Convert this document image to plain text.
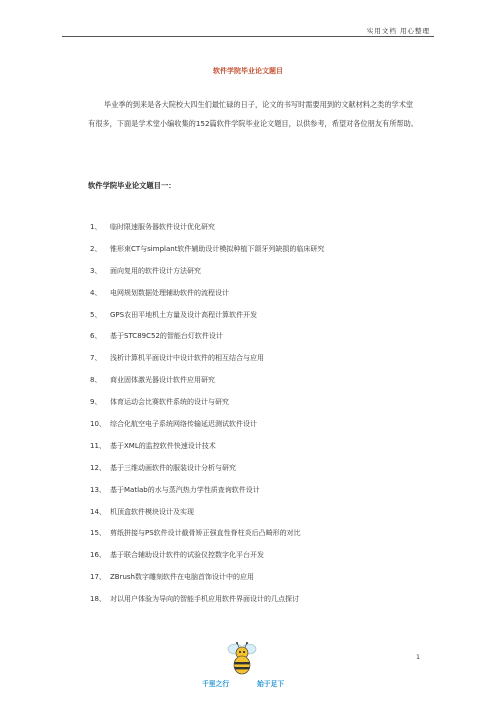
实用文档 用心整理
软件学院毕业论文题目

毕业季的到来是各大院校大四生们最忙碌的日子，论文的书写时需要用到的文献材料之类的学术堂有很多，下面是学术堂小编收集的152篇软件学院毕业论文题目，以供参考，希望对各位朋友有所帮助。

软件学院毕业论文题目一：
1、 临时限速服务器软件设计优化研究
2、 锥形束CT与simplant软件辅助设计模拟种植下颌牙列缺损的临床研究
3、 面向复用的软件设计方法研究
4、 电网规划数据处理辅助软件的流程设计
5、 GPS农田平地机土方量及设计高程计算软件开发
6、 基于STC89C52的智能台灯软件设计
7、 浅析计算机平面设计中设计软件的相互结合与应用
8、 商业固体激光器设计软件应用研究
9、 体育运动会比赛软件系统的设计与研究
10、 综合化航空电子系统网络传输延迟测试软件设计
11、 基于XML的监控软件快速设计技术
12、 基于三维动画软件的服装设计分析与研究
13、 基于Matlab的水与蒸汽热力学性质查询软件设计
14、 机顶盒软件模块设计及实现
15、 剪纸拼接与PS软件设计截骨矫正强直性脊柱炎后凸畸形的对比
16、 基于联合辅助设计软件的试验仪控数字化平台开发
17、 ZBrush数字雕刻软件在电脑首饰设计中的应用
18、 对以用户体验为导向的智能手机应用软件界面设计的几点探讨
1
千里之行	始于足下
